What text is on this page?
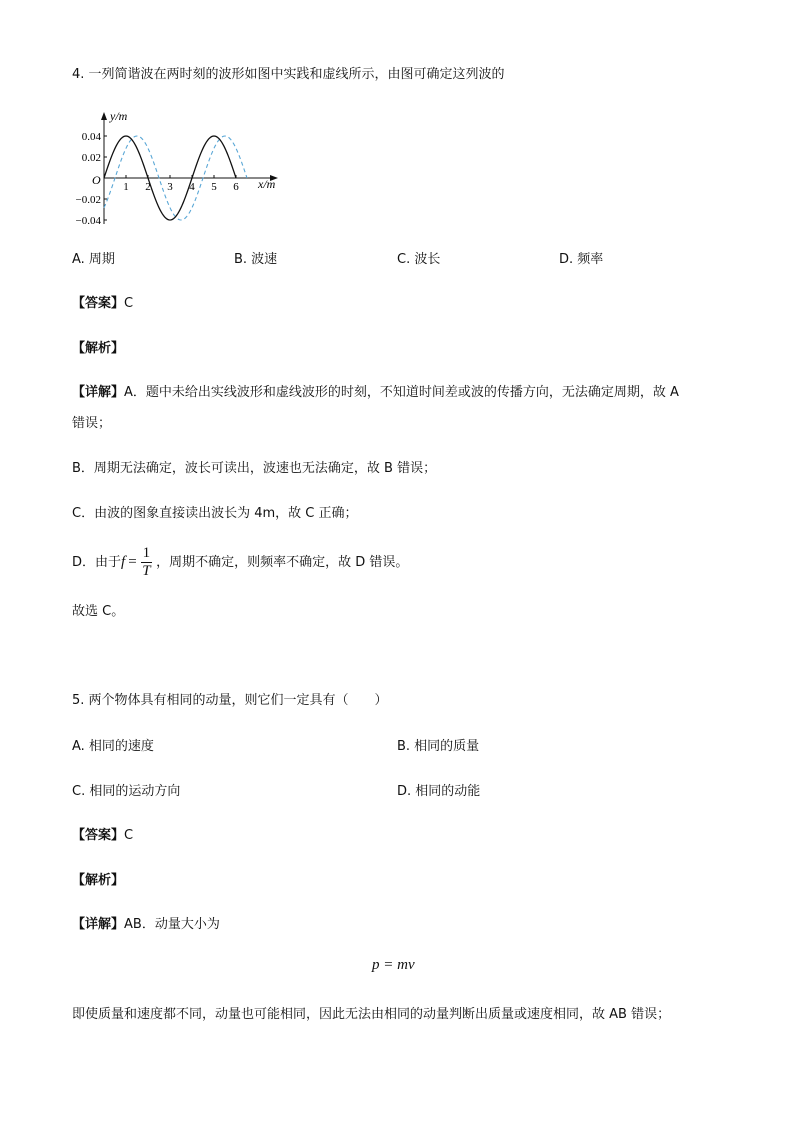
4. 一列简谐波在两时刻的波形如图中实践和虚线所示，由图可确定这列波的
y/m
x/m
O
0.04
0.02
−0.02
−0.04
1 2 3 4 5 6
A. 周期	B. 波速	C. 波长	D. 频率
【答案】C
【解析】
【详解】A．题中未给出实线波形和虚线波形的时刻，不知道时间差或波的传播方向，无法确定周期，故 A
错误；
B．周期无法确定，波长可读出，波速也无法确定，故 B 错误；
C．由波的图象直接读出波长为 4m，故 C 正确；
D．由于$f = \frac{1}{T}$ ，周期不确定，则频率不确定，故 D 错误。
故选 C。
5. 两个物体具有相同的动量，则它们一定具有（　　）
A. 相同的速度	B. 相同的质量
C. 相同的运动方向	D. 相同的动能
【答案】C
【解析】
【详解】AB．动量大小为
p = mv
即使质量和速度都不同，动量也可能相同，因此无法由相同的动量判断出质量或速度相同，故 AB 错误；
